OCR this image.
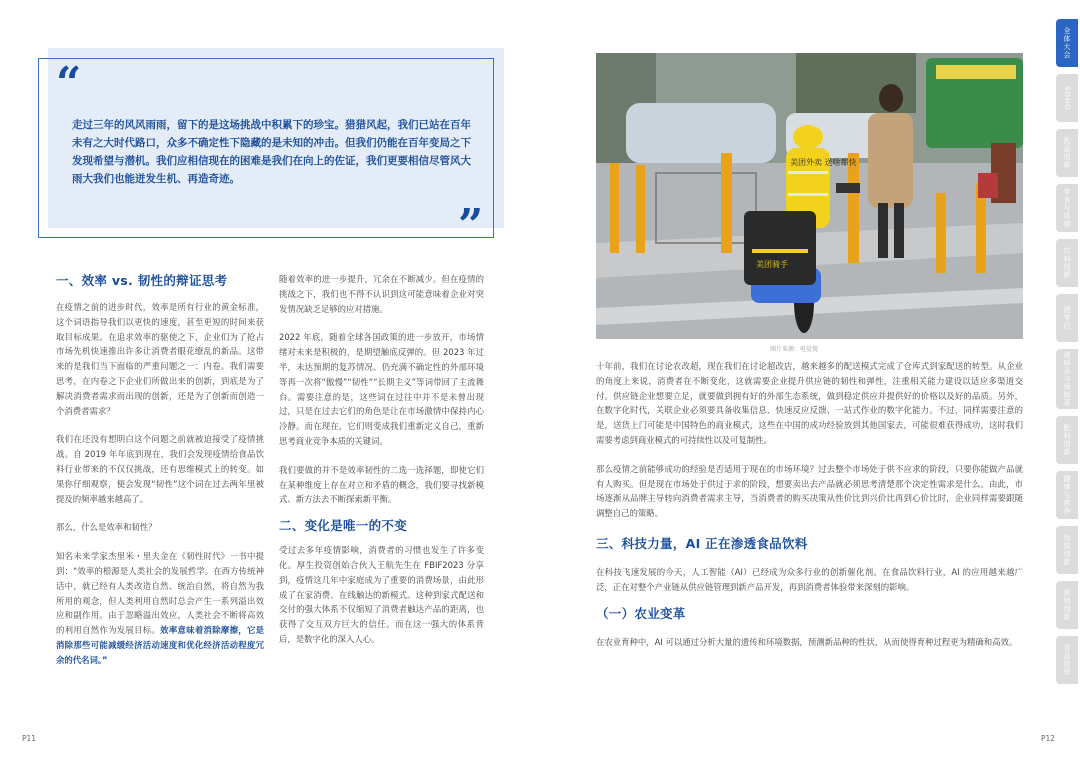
“
”
走过三年的风风雨雨，留下的是这场挑战中积累下的珍宝。猎猎风起，我们已站在百年未有之大时代路口，众多不确定性下隐藏的是未知的冲击。但我们仍能在百年变局之下发现希望与潜机。我们应相信现在的困难是我们在向上的佐证，我们更要相信尽管风大雨大我们也能迸发生机、再造奇迹。
一、效率 vs. 韧性的辩证思考

在疫情之前的进步时代，效率是所有行业的黄金标准，这个词语指导我们以更快的速度，甚至更短的时间来获取目标成果。在追求效率的驱使之下，企业们为了抢占市场先机快速推出许多让消费者眼花缭乱的新品。这带来的是我们当下面临的严重问题之一：内卷。我们需要思考，在内卷之下企业们所做出来的创新，到底是为了解决消费者需求而出现的创新，还是为了创新而创造一个消费者需求？

我们在还没有想明白这个问题之前就被迫接受了疫情挑战。自 2019 年年底到现在，我们会发现疫情给食品饮料行业带来的不仅仅挑战，还有思维模式上的转变。如果你仔细观察，便会发现“韧性”这个词在过去两年里被提及的频率越来越高了。

那么，什么是效率和韧性？

知名未来学家杰里米・里夫金在《韧性时代》一书中提到：“效率的根源是人类社会的发展哲学。在西方传统神话中，就已经有人类改造自然、统治自然，将自然为我所用的观念，但人类利用自然时总会产生一系列溢出效应和副作用。由于忽略溢出效应，人类社会不断将高效的利用自然作为发展目标。效率意味着消除摩擦，它是消除那些可能减缓经济活动速度和优化经济活动程度冗余的代名词。”

随着效率的进一步提升，冗余在不断减少。但在疫情的挑战之下，我们也不得不认识到这可能意味着企业对突发情况缺乏足够的应对措施。

2022 年底，随着全球各国政策的进一步放开，市场情绪对未来是积极的，是期望触底反弹的。但 2023 年过半，未达预期的复苏情况、仍充满不确定性的外部环境等再一次将“傲慢”“韧性”“长期主义”等词带回了主流舞台。需要注意的是，这些词在过往中并不是未曾出现过，只是在过去它们的角色是让在市场激情中保持内心冷静。而在现在，它们则变成我们重新定义自己，重新思考商业竞争本质的关键词。

我们要做的并不是效率韧性的二选一选择题，即使它们在某种维度上存在对立和矛盾的概念，我们要寻找新模式、新方法去不断探索新平衡。

二、变化是唯一的不变

受过去多年疫情影响，消费者的习惯也发生了许多变化。厚生投资创始合伙人王航先生在 FBIF2023 分享到，疫情这几年中家庭成为了重要的消费场景，由此形成了在家消费、在线触达的新模式。这种到家式配送和交付的强大体系不仅缩短了消费者触达产品的距离，也获得了交互双方巨大的信任。而在这一强大的体系背后，是数字化的深入人心。

美团外卖 送啥都快
美团骑手
图片来源：电觉视

十年前，我们在讨论农改超，现在我们在讨论超改店，越来越多的配送模式完成了仓库式到家配送的转型。从企业的角度上来说，消费者在不断变化，这就需要企业提升供应链的韧性和弹性，注重相关能力建设以适应多渠道交付。供应链企业想要立足，就要做到拥有好的外部生态系统，做到稳定供应并提供好的价格以及好的品质。另外，在数字化时代，关联企业必须要具备收集信息、快速反应反馈、一站式作业的数字化能力。不过，同样需要注意的是，送货上门可能是中国特色的商业模式，这些在中国的成功经验放到其他国家去，可能很难获得成功，这时我们需要考虑到商业模式的可持续性以及可复制性。

那么疫情之前能够成功的经验是否适用于现在的市场环境？过去整个市场处于供不应求的阶段，只要你能做产品就有人购买。但是现在市场处于供过于求的阶段，想要卖出去产品就必须思考清楚那个决定性需求是什么。由此，市场逐渐从品牌主导转向消费者需求主导，当消费者的购买决策从性价比到兴价比再到心价比时，企业同样需要跟随调整自己的策略。

三、科技力量，AI 正在渗透食品饮料

在科技飞速发展的今天，人工智能（AI）已经成为众多行业的创新催化剂。在食品饮料行业，AI 的应用越来越广泛，正在对整个产业链从供应链管理到新产品开发，再到消费者体验带来深刻的影响。

（一）农业变革

在农业育种中，AI 可以通过分析大量的遗传和环境数据，预测新品种的性状，从而使得育种过程更为精确和高效。

P11	P12
全体大会
SOHO
乳品创新
零食与烘焙
饮料创新
酒零后
调味品与预制菜
配料创新
健康与营养
包装创新
营销创新
食品投资
